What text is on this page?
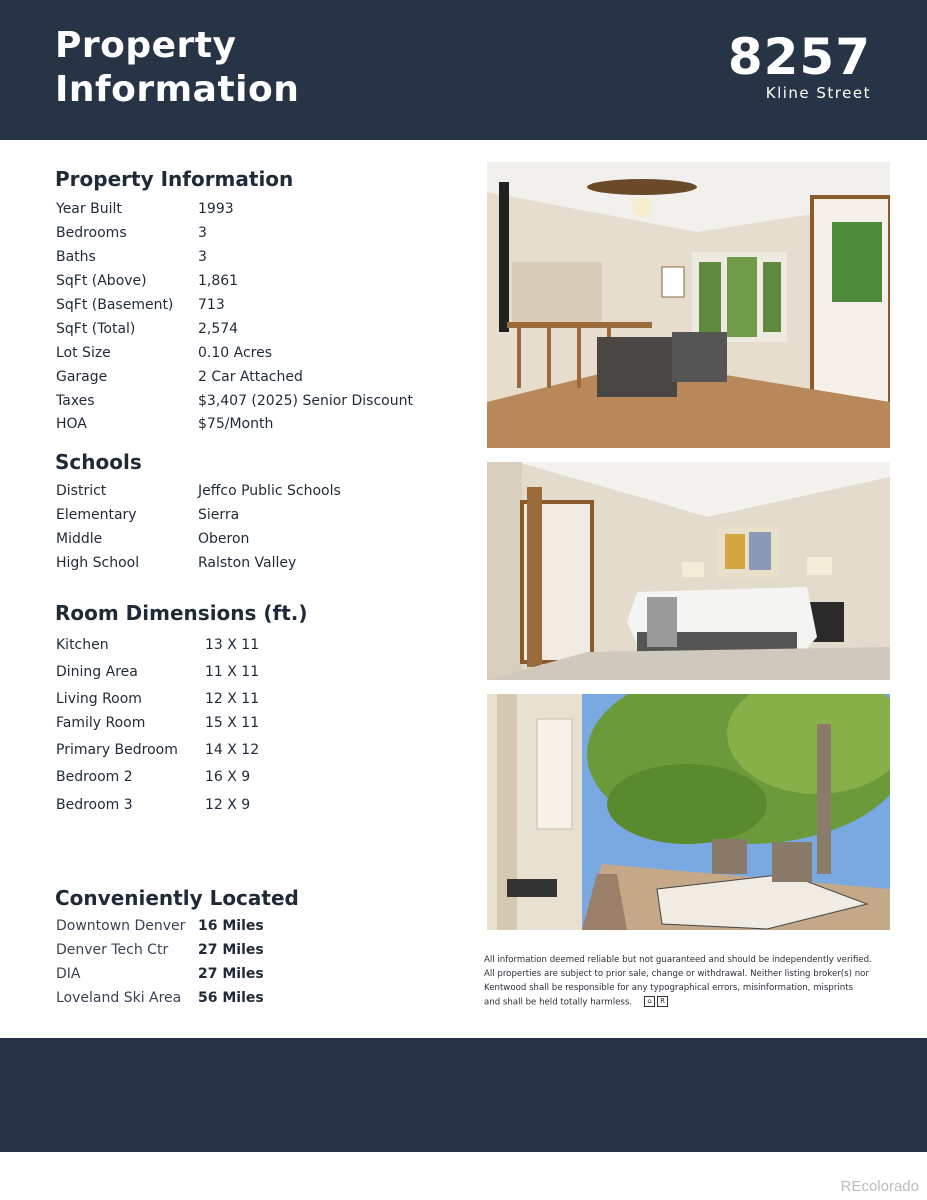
Property
Information
8257
Kline Street
Property Information
Year Built	1993
Bedrooms	3
Baths	3
SqFt (Above)	1,861
SqFt (Basement) 713
SqFt (Total)	2,574
Lot Size	0.10 Acres
Garage	2 Car Attached
Taxes	$3,407 (2025) Senior Discount
HOA	$75/Month
Schools
District	Jeffco Public Schools
Elementary	Sierra
Middle	Oberon
High School	Ralston Valley
Room Dimensions (ft.)
Kitchen	13 X 11
Dining Area	11 X 11
Living Room	12 X 11
Family Room	15 X 11
Primary Bedroom 14 X 12
Bedroom 2	16 X 9
Bedroom 3	12 X 9
Conveniently Located
Downtown Denver 16 Miles
Denver Tech Ctr 27 Miles
DIA	27 Miles
Loveland Ski Area 56 Miles
All information deemed reliable but not guaranteed and should be independently verified.
All properties are subject to prior sale, change or withdrawal. Neither listing broker(s) nor
Kentwood shall be responsible for any typographical errors, misinformation, misprints
and shall be held totally harmless. ⌂ R
REcolorado
